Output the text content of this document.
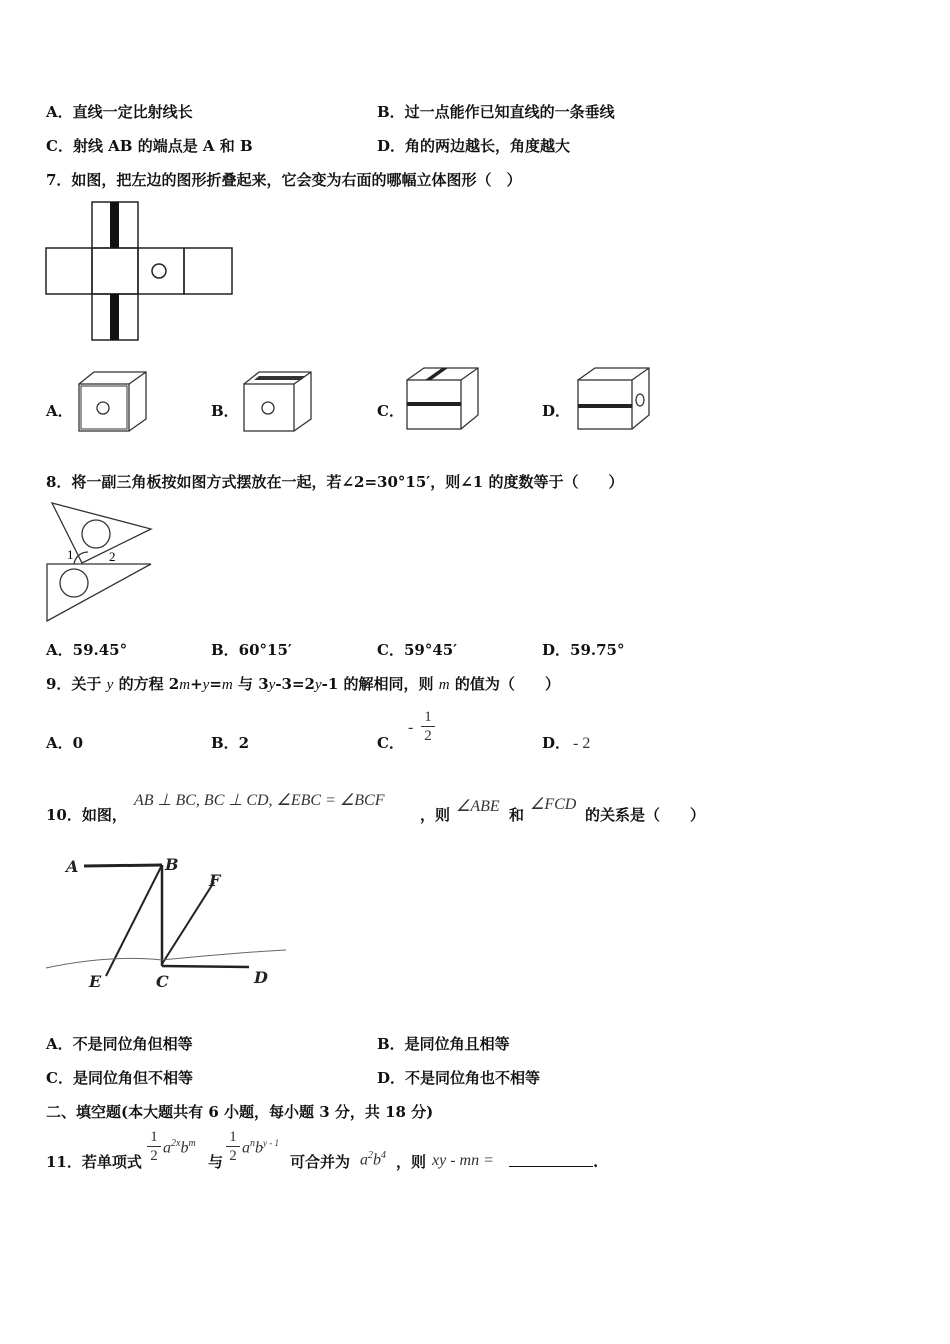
A．直线一定比射线长	B．过一点能作已知直线的一条垂线
C．射线 AB 的端点是 A 和 B	D．角的两边越长，角度越大
7．如图，把左边的图形折叠起来，它会变为右面的哪幅立体图形（　）
A．	B．	C．	D．
8．将一副三角板按如图方式摆放在一起，若∠2=30°15′，则∠1 的度数等于（　　）
1	2
A．59.45°	B．60°15′	C．59°45′	D．59.75°
9．关于 y 的方程 2m+y=m 与 3y-3=2y-1 的解相同，则 m 的值为（　　）
A．0	B．2	C．
- $\frac{1}{2}$	D． - 2
10．如图，
AB ⊥ BC, BC ⊥ CD, ∠EBC = ∠BCF
，则 ∠ABE 和
∠FCD
的关系是（　　）
A	B
F
E	C	D
A．不是同位角但相等	B．是同位角且相等
C．是同位角但不相等	D．不是同位角也不相等
二、填空题(本大题共有 6 小题，每小题 3 分，共 18 分)
11．若单项式 $\frac{1}{2} a^{2x}b^m$
与 $\frac{1}{2} a^nb^{y - 1}$
可合并为 $a^2b^4$ ，则 xy - mn =	.
